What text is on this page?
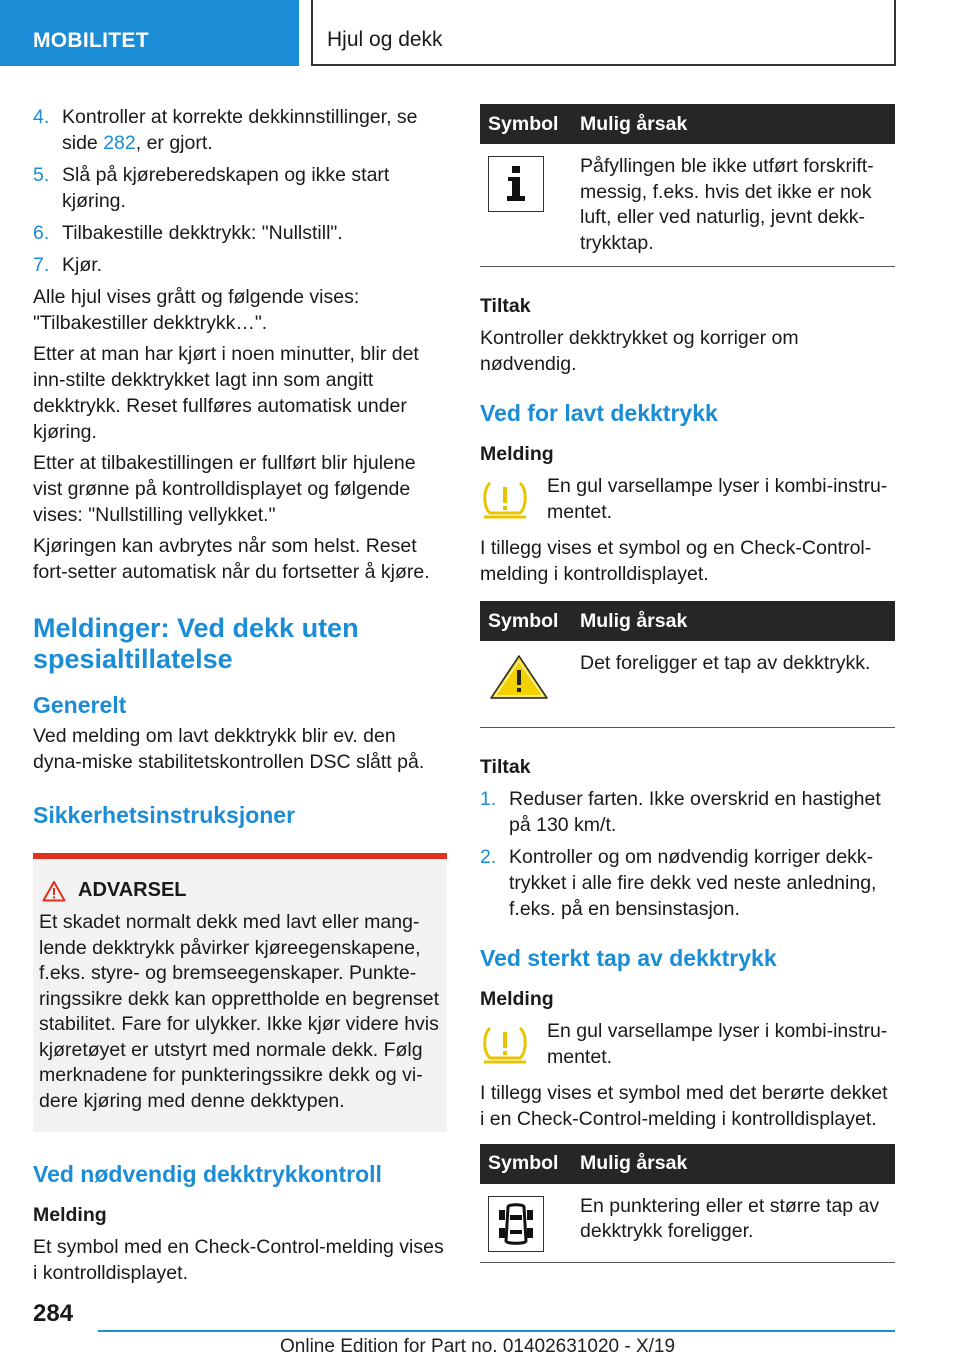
MOBILITET	Hjul og dekk
4. Kontroller at korrekte dekkinnstillinger, se side 282, er gjort.
5. Slå på kjøreberedskapen og ikke start kjøring.
6. Tilbakestille dekktrykk: "Nullstill".
7. Kjør.

Alle hjul vises grått og følgende vises: "Tilbakestiller dekktrykk…".

Etter at man har kjørt i noen minutter, blir det inn-stilte dekktrykket lagt inn som angitt dekktrykk. Reset fullføres automatisk under kjøring.

Etter at tilbakestillingen er fullført blir hjulene vist grønne på kontrolldisplayet og følgende vises: "Nullstilling vellykket."

Kjøringen kan avbrytes når som helst. Reset fort-setter automatisk når du fortsetter å kjøre.

Meldinger: Ved dekk uten spesialtillatelse
Generelt

Ved melding om lavt dekktrykk blir ev. den dyna-miske stabilitetskontrollen DSC slått på.

Sikkerhetsinstruksjoner
ADVARSEL

Et skadet normalt dekk med lavt eller mang-lende dekktrykk påvirker kjøreegenskapene, f.eks. styre- og bremseegenskaper. Punkte-ringssikre dekk kan opprettholde en begrenset stabilitet. Fare for ulykker. Ikke kjør videre hvis kjøretøyet er utstyrt med normale dekk. Følg merknadene for punkteringssikre dekk og vi-dere kjøring med denne dekktypen.

Ved nødvendig dekktrykkontroll
Melding

Et symbol med en Check-Control-melding vises i kontrolldisplayet.

Symbol	Mulig årsak

	Påfyllingen ble ikke utført forskrift-messig, f.eks. hvis det ikke er nok luft, eller ved naturlig, jevnt dekk-trykktap.
Tiltak

Kontroller dekktrykket og korriger om nødvendig.

Ved for lavt dekktrykk
Melding
En gul varsellampe lyser i kombi-instru-mentet.

I tillegg vises et symbol og en Check-Control-melding i kontrolldisplayet.

Symbol	Mulig årsak
	Det foreligger et tap av dekktrykk.
Tiltak
1. Reduser farten. Ikke overskrid en hastighet på 130 km/t.
2. Kontroller og om nødvendig korriger dekk-trykket i alle fire dekk ved neste anledning, f.eks. på en bensinstasjon.
Ved sterkt tap av dekktrykk
Melding
En gul varsellampe lyser i kombi-instru-mentet.

I tillegg vises et symbol med det berørte dekket i en Check-Control-melding i kontrolldisplayet.

Symbol	Mulig årsak

	En punktering eller et større tap av dekktrykk foreligger.
284
Online Edition for Part no. 01402631020 - X/19
